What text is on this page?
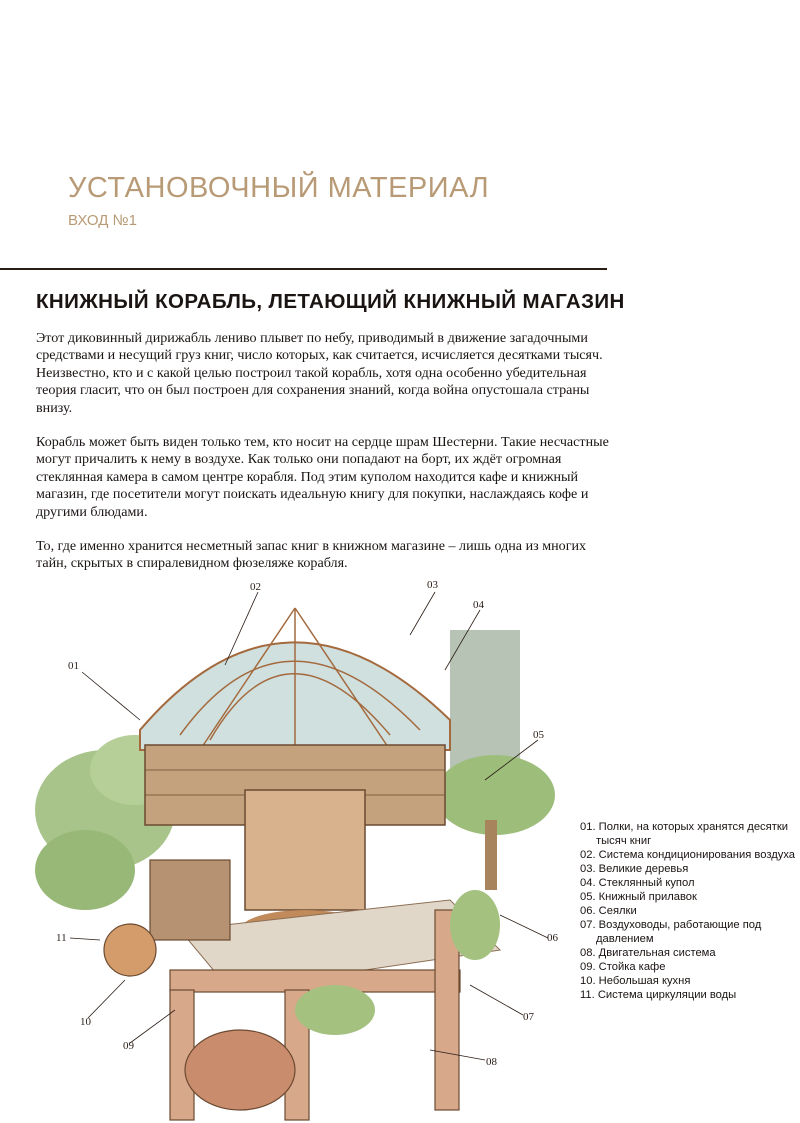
УСТАНОВОЧНЫЙ МАТЕРИАЛ
ВХОД №1
КНИЖНЫЙ КОРАБЛЬ, ЛЕТАЮЩИЙ КНИЖНЫЙ МАГАЗИН

Этот диковинный дирижабль лениво плывет по небу, приводимый в движение загадочными средствами и несущий груз книг, число которых, как считается, исчисляется десятками тысяч. Неизвестно, кто и с какой целью построил такой корабль, хотя одна особенно убедительная теория гласит, что он был построен для сохранения знаний, когда война опустошала страны внизу.

Корабль может быть виден только тем, кто носит на сердце шрам Шестерни. Такие несчастные могут причалить к нему в воздухе. Как только они попадают на борт, их ждёт огромная стеклянная камера в самом центре корабля. Под этим куполом находится кафе и книжный магазин, где посетители могут поискать идеальную книгу для покупки, наслаждаясь кофе и другими блюдами.

То, где именно хранится несметный запас книг в книжном магазине – лишь одна из многих тайн, скрытых в спиралевидном фюзеляже корабля.

01
02	03
04
05
06
07
08
09
10
11
01. Полки, на которых хранятся десятки тысяч книг
02. Система кондиционирования воздуха
03. Великие деревья
04. Стеклянный купол
05. Книжный прилавок
06. Сеялки
07. Воздуховоды, работающие под давлением
08. Двигательная система
09. Стойка кафе
10. Небольшая кухня
11. Система циркуляции воды
